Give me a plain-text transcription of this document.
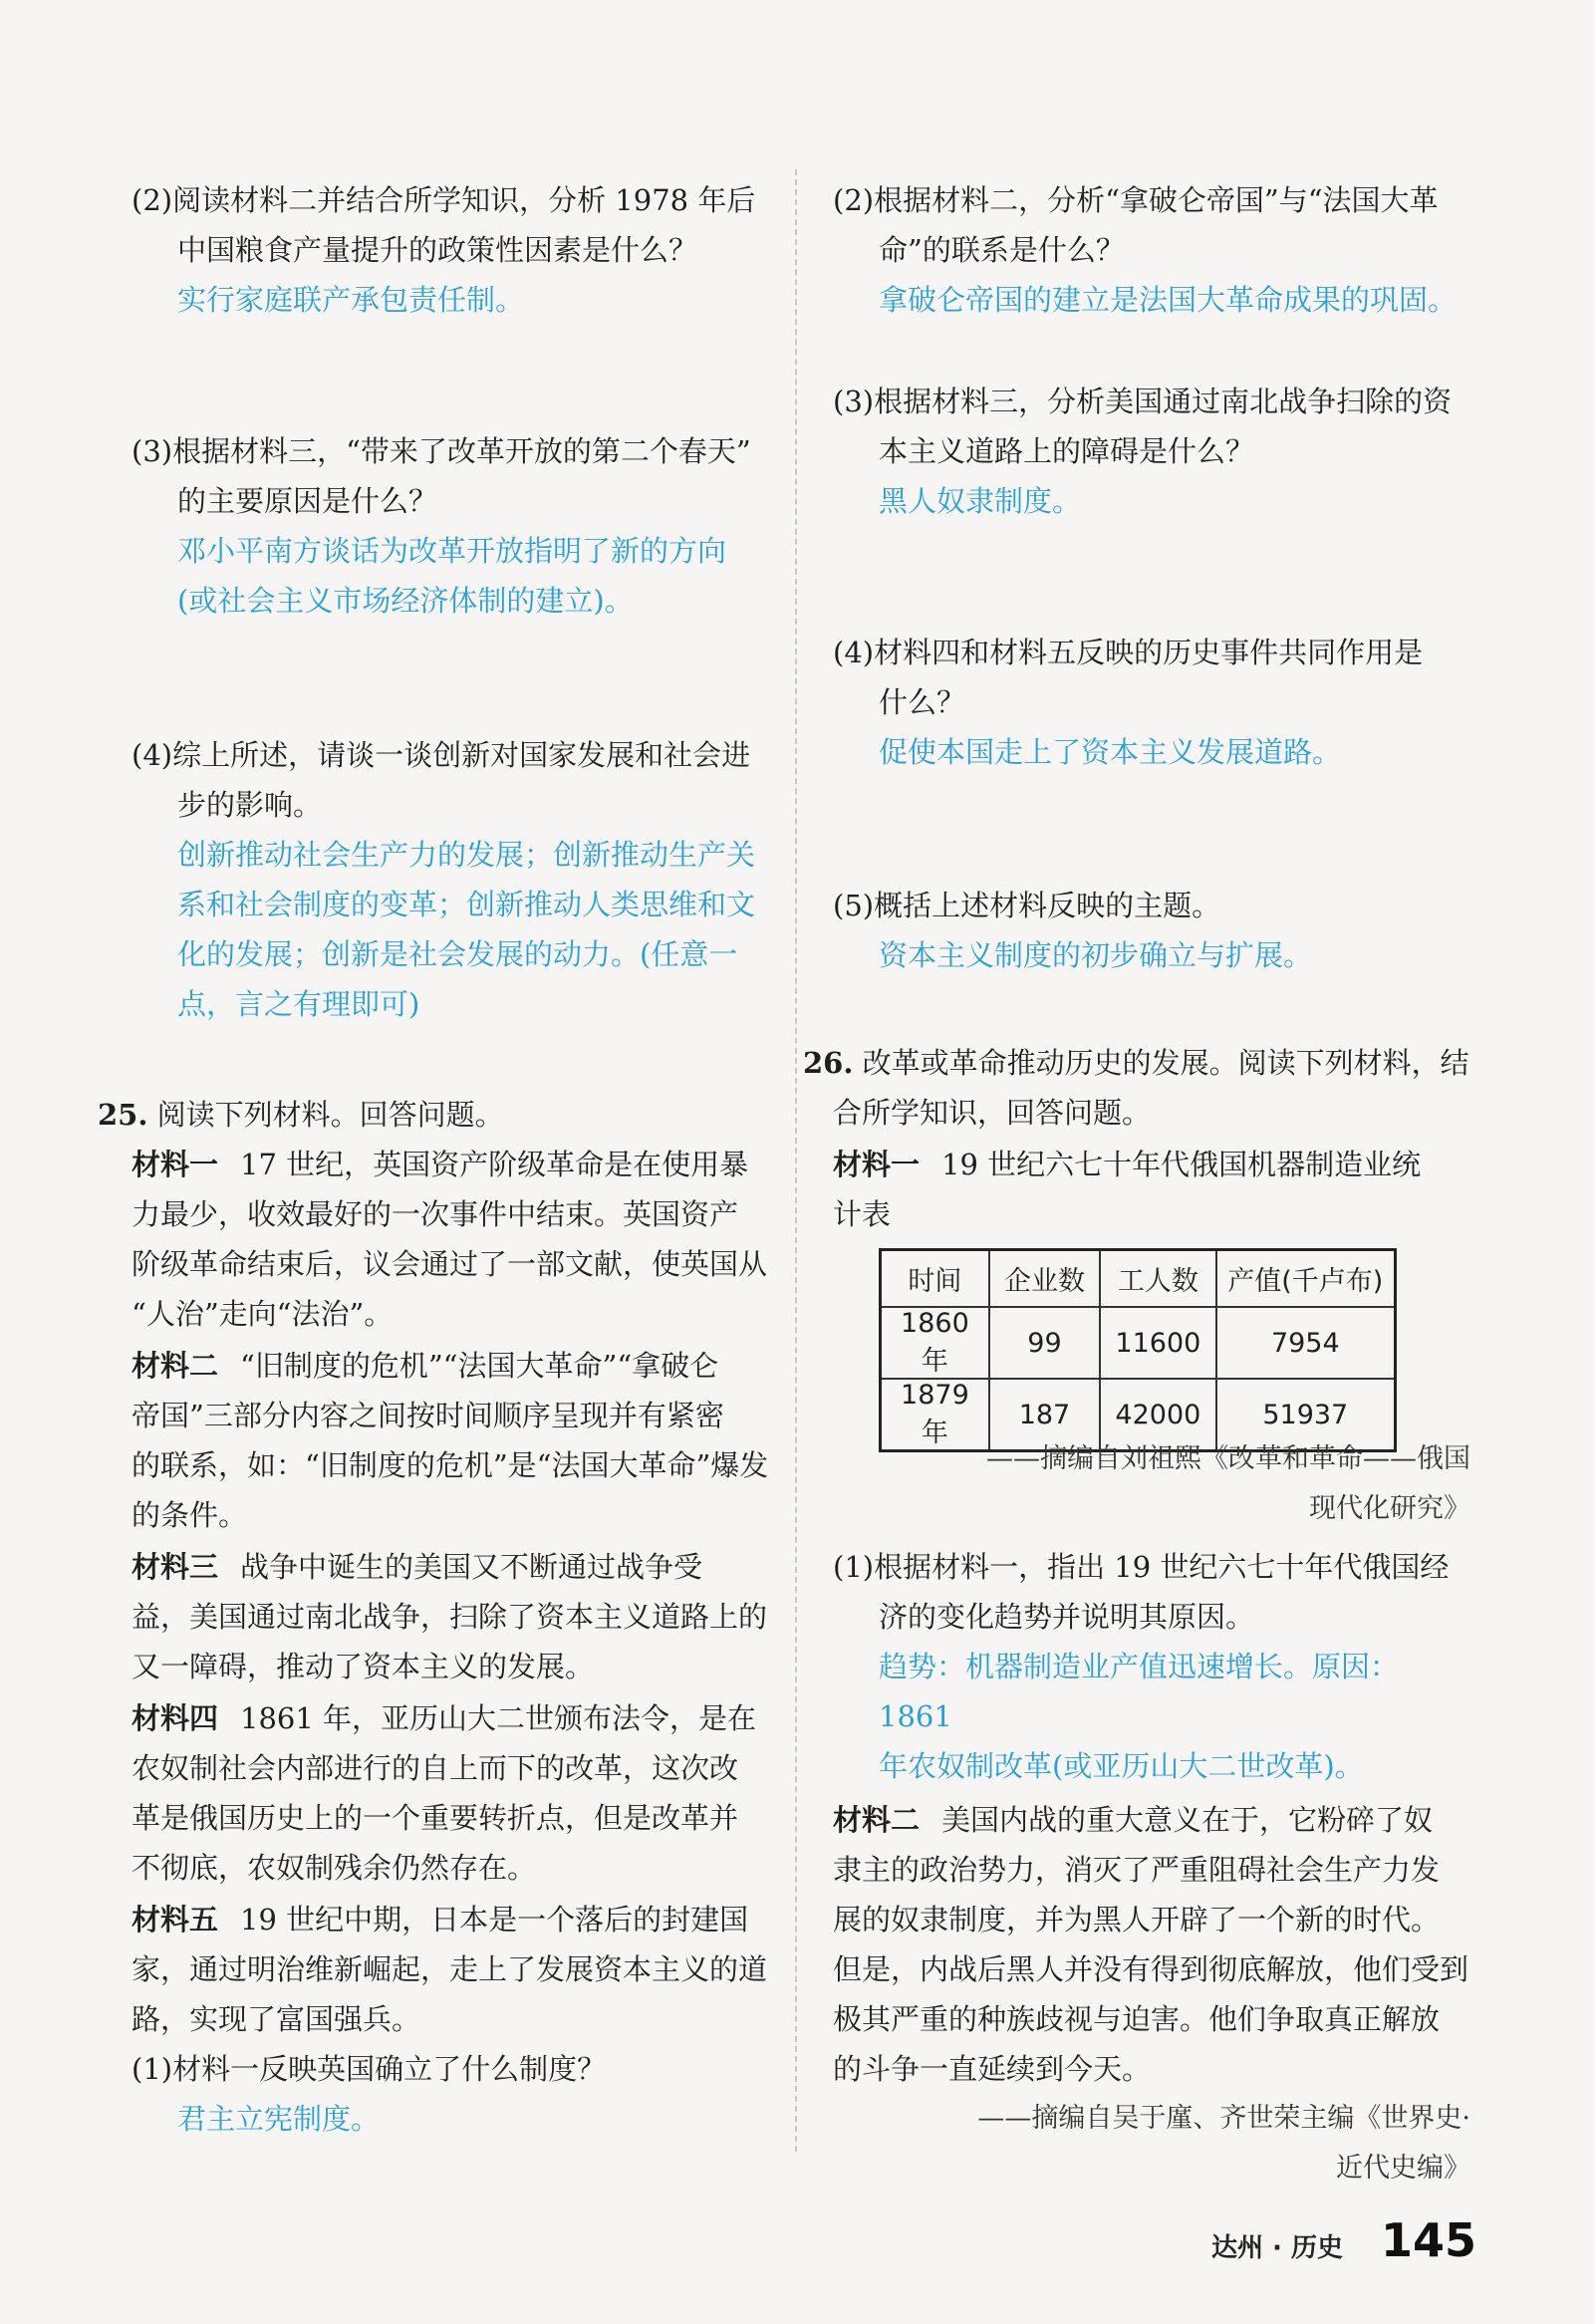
(2)阅读材料二并结合所学知识，分析 1978 年后
中国粮食产量提升的政策性因素是什么？
实行家庭联产承包责任制。
(3)根据材料三，“带来了改革开放的第二个春天”
的主要原因是什么？
邓小平南方谈话为改革开放指明了新的方向
(或社会主义市场经济体制的建立)。
(4)综上所述，请谈一谈创新对国家发展和社会进
步的影响。
创新推动社会生产力的发展；创新推动生产关
系和社会制度的变革；创新推动人类思维和文
化的发展；创新是社会发展的动力。(任意一
点，言之有理即可)
25. 阅读下列材料。回答问题。
材料一 17 世纪，英国资产阶级革命是在使用暴
力最少，收效最好的一次事件中结束。英国资产
阶级革命结束后，议会通过了一部文献，使英国从
“人治”走向“法治”。
材料二 “旧制度的危机”“法国大革命”“拿破仑
帝国”三部分内容之间按时间顺序呈现并有紧密
的联系，如：“旧制度的危机”是“法国大革命”爆发
的条件。
材料三 战争中诞生的美国又不断通过战争受
益，美国通过南北战争，扫除了资本主义道路上的
又一障碍，推动了资本主义的发展。
材料四 1861 年，亚历山大二世颁布法令，是在
农奴制社会内部进行的自上而下的改革，这次改
革是俄国历史上的一个重要转折点，但是改革并
不彻底，农奴制残余仍然存在。
材料五 19 世纪中期，日本是一个落后的封建国
家，通过明治维新崛起，走上了发展资本主义的道
路，实现了富国强兵。
(1)材料一反映英国确立了什么制度？
君主立宪制度。
(2)根据材料二，分析“拿破仑帝国”与“法国大革
命”的联系是什么？
拿破仑帝国的建立是法国大革命成果的巩固。
(3)根据材料三，分析美国通过南北战争扫除的资
本主义道路上的障碍是什么？
黑人奴隶制度。
(4)材料四和材料五反映的历史事件共同作用是
什么？
促使本国走上了资本主义发展道路。
(5)概括上述材料反映的主题。
资本主义制度的初步确立与扩展。
26. 改革或革命推动历史的发展。阅读下列材料，结
合所学知识，回答问题。
材料一 19 世纪六七十年代俄国机器制造业统
计表
时间	企业数	工人数	产值(千卢布)
1860 年	99	11600	7954
1879 年	187	42000	51937
——摘编自刘祖熙《改革和革命——俄国
现代化研究》
(1)根据材料一，指出 19 世纪六七十年代俄国经
济的变化趋势并说明其原因。
趋势：机器制造业产值迅速增长。原因：1861
年农奴制改革(或亚历山大二世改革)。
材料二 美国内战的重大意义在于，它粉碎了奴
隶主的政治势力，消灭了严重阻碍社会生产力发
展的奴隶制度，并为黑人开辟了一个新的时代。
但是，内战后黑人并没有得到彻底解放，他们受到
极其严重的种族歧视与迫害。他们争取真正解放
的斗争一直延续到今天。
——摘编自吴于廑、齐世荣主编《世界史·
近代史编》
达州 · 历史 145
